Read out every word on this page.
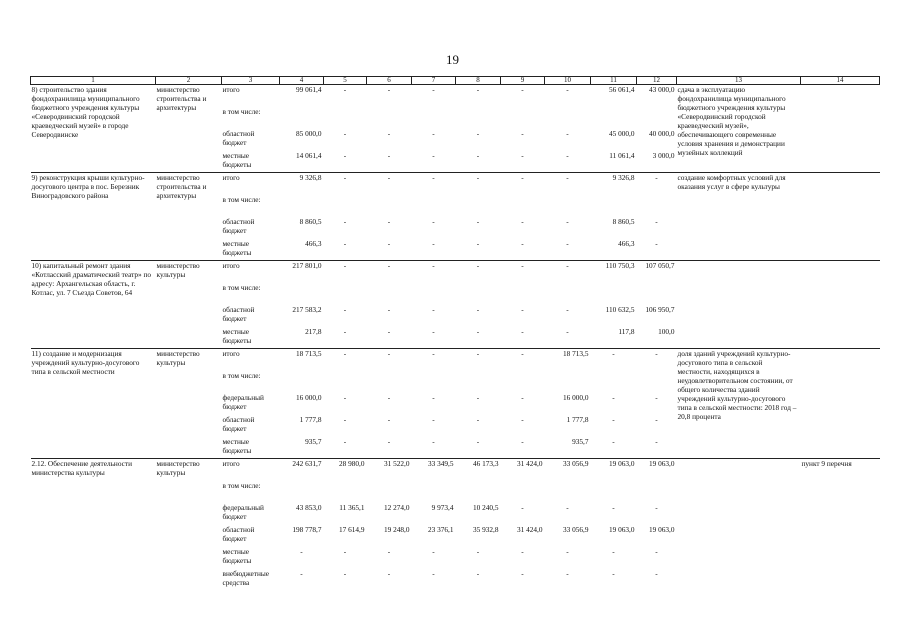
19
1	2	3	4	5	6	7	8	9	10	11	12	13	14

8) строительство здания фондохранилища муниципального бюджетного учреждения культуры «Северодвинский городской краеведческий музей» в городе Северодвинске	министерство строительства и архитектуры	итого	99 061,4	-	-	-	-	-	-	56 061,4	43 000,0	сдача в эксплуатацию фондохранилища муниципального бюджетного учреждения культуры «Северодвинский городской краеведческий музей», обеспечивающего современные условия хранения и демонстрации музейных коллекций	

		в том числе:											
		областной бюджет	85 000,0	-	-	-	-	-	-	45 000,0	40 000,0		
		местные бюджеты	14 061,4	-	-	-	-	-	-	11 061,4	3 000,0		

9) реконструкция крыши культурно-досугового центра в пос. Березник Виноградовского района	министерство строительства и архитектуры	итого	9 326,8	-	-	-	-	-	-	9 326,8	-	создание комфортных условий для оказания услуг в сфере культуры	

		в том числе:											
		областной бюджет	8 860,5	-	-	-	-	-	-	8 860,5	-		
		местные бюджеты	466,3	-	-	-	-	-	-	466,3	-		

10) капитальный ремонт здания «Котласский драматический театр» по адресу: Архангельская область, г. Котлас, ул. 7 Съезда Советов, 64	министерство культуры	итого	217 801,0	-	-	-	-	-	-	110 750,3	107 050,7	

		в том числе:											
		областной бюджет	217 583,2	-	-	-	-	-	-	110 632,5	106 950,7		
		местные бюджеты	217,8	-	-	-	-	-	-	117,8	100,0		

11) создание и модернизация учреждений культурно-досугового типа в сельской местности	министерство культуры	итого	18 713,5	-	-	-	-	-	18 713,5	-	-	доля зданий учреждений культурно-досугового типа в сельской местности, находящихся в неудовлетворительном состоянии, от общего количества зданий учреждений культурно-досугового типа в сельской местности: 2018 год – 20,8 процента	

		в том числе:											
		федеральный бюджет	16 000,0	-	-	-	-	-	16 000,0	-	-		
		областной бюджет	1 777,8	-	-	-	-	-	1 777,8	-	-		
		местные бюджеты	935,7	-	-	-	-	-	935,7	-	-		

2.12. Обеспечение деятельности министерства культуры	министерство культуры	итого	242 631,7	28 980,0	31 522,0	33 349,5	46 173,3	31 424,0	33 056,9	19 063,0	19 063,0		пункт 9 перечня
		в том числе:											
		федеральный бюджет	43 853,0	11 365,1	12 274,0	9 973,4	10 240,5	-	-	-	-		
		областной бюджет	198 778,7	17 614,9	19 248,0	23 376,1	35 932,8	31 424,0	33 056,9	19 063,0	19 063,0		
		местные бюджеты	-	-	-	-	-	-	-	-	-		
		внебюджетные средства	-	-	-	-	-	-	-	-	-		
